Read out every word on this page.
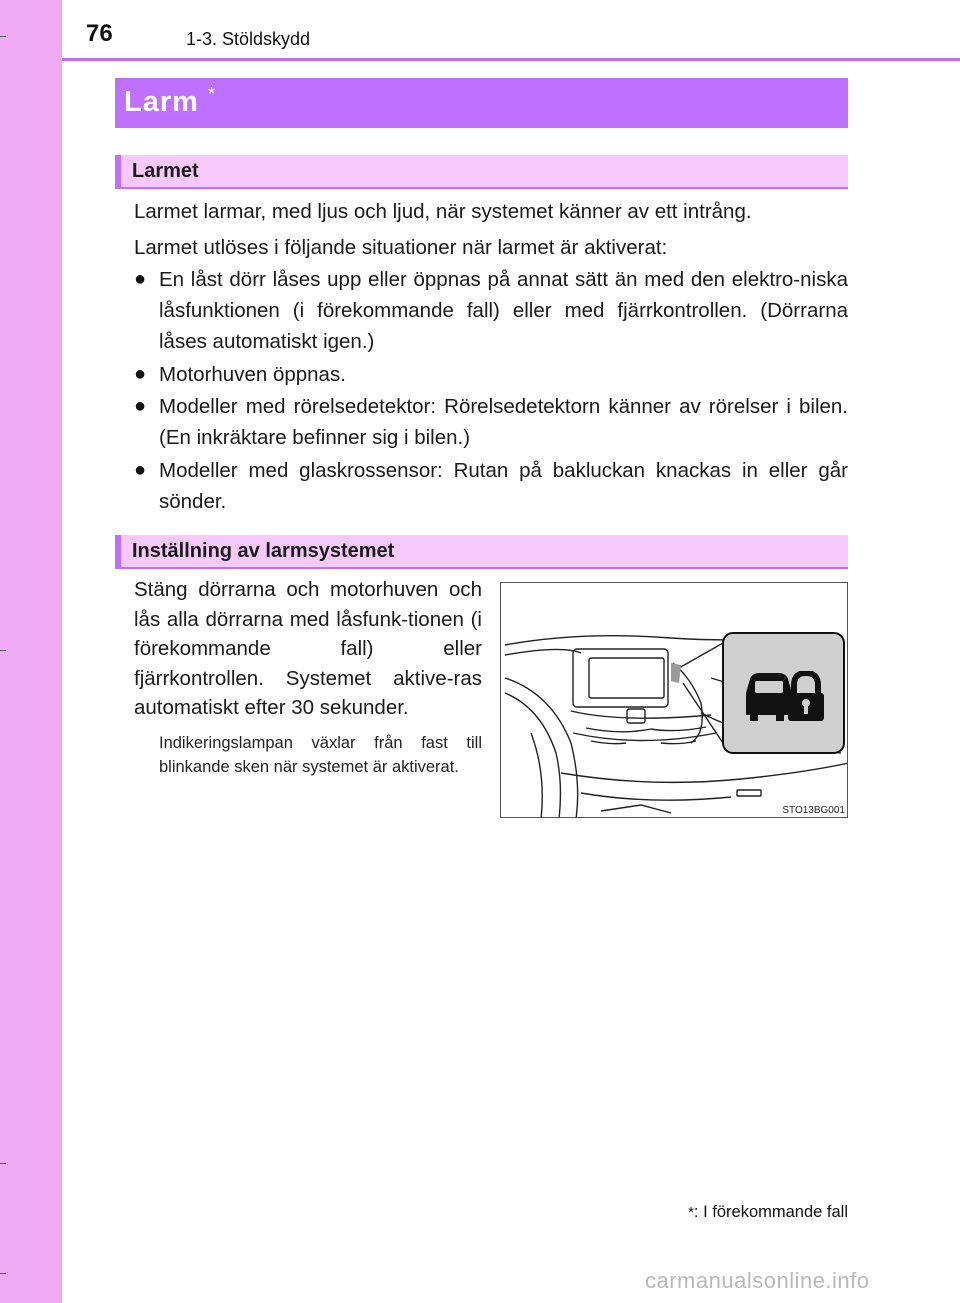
76	1-3. Stöldskydd
Larm *
Larmet

Larmet larmar, med ljus och ljud, när systemet känner av ett intrång.

Larmet utlöses i följande situationer när larmet är aktiverat:

● En låst dörr låses upp eller öppnas på annat sätt än med den elektro-niska låsfunktionen (i förekommande fall) eller med fjärrkontrollen. (Dörrarna låses automatiskt igen.)
● Motorhuven öppnas.
● Modeller med rörelsedetektor: Rörelsedetektorn känner av rörelser i bilen. (En inkräktare befinner sig i bilen.)
● Modeller med glaskrossensor: Rutan på bakluckan knackas in eller går sönder.
Inställning av larmsystemet
Stäng dörrarna och motorhuven och lås alla dörrarna med låsfunk-tionen (i förekommande fall) eller fjärrkontrollen. Systemet aktive-ras automatiskt efter 30 sekunder.
Indikeringslampan växlar från fast till blinkande sken när systemet är aktiverat.
STO13BG001
*: I förekommande fall
carmanualsonline.info
